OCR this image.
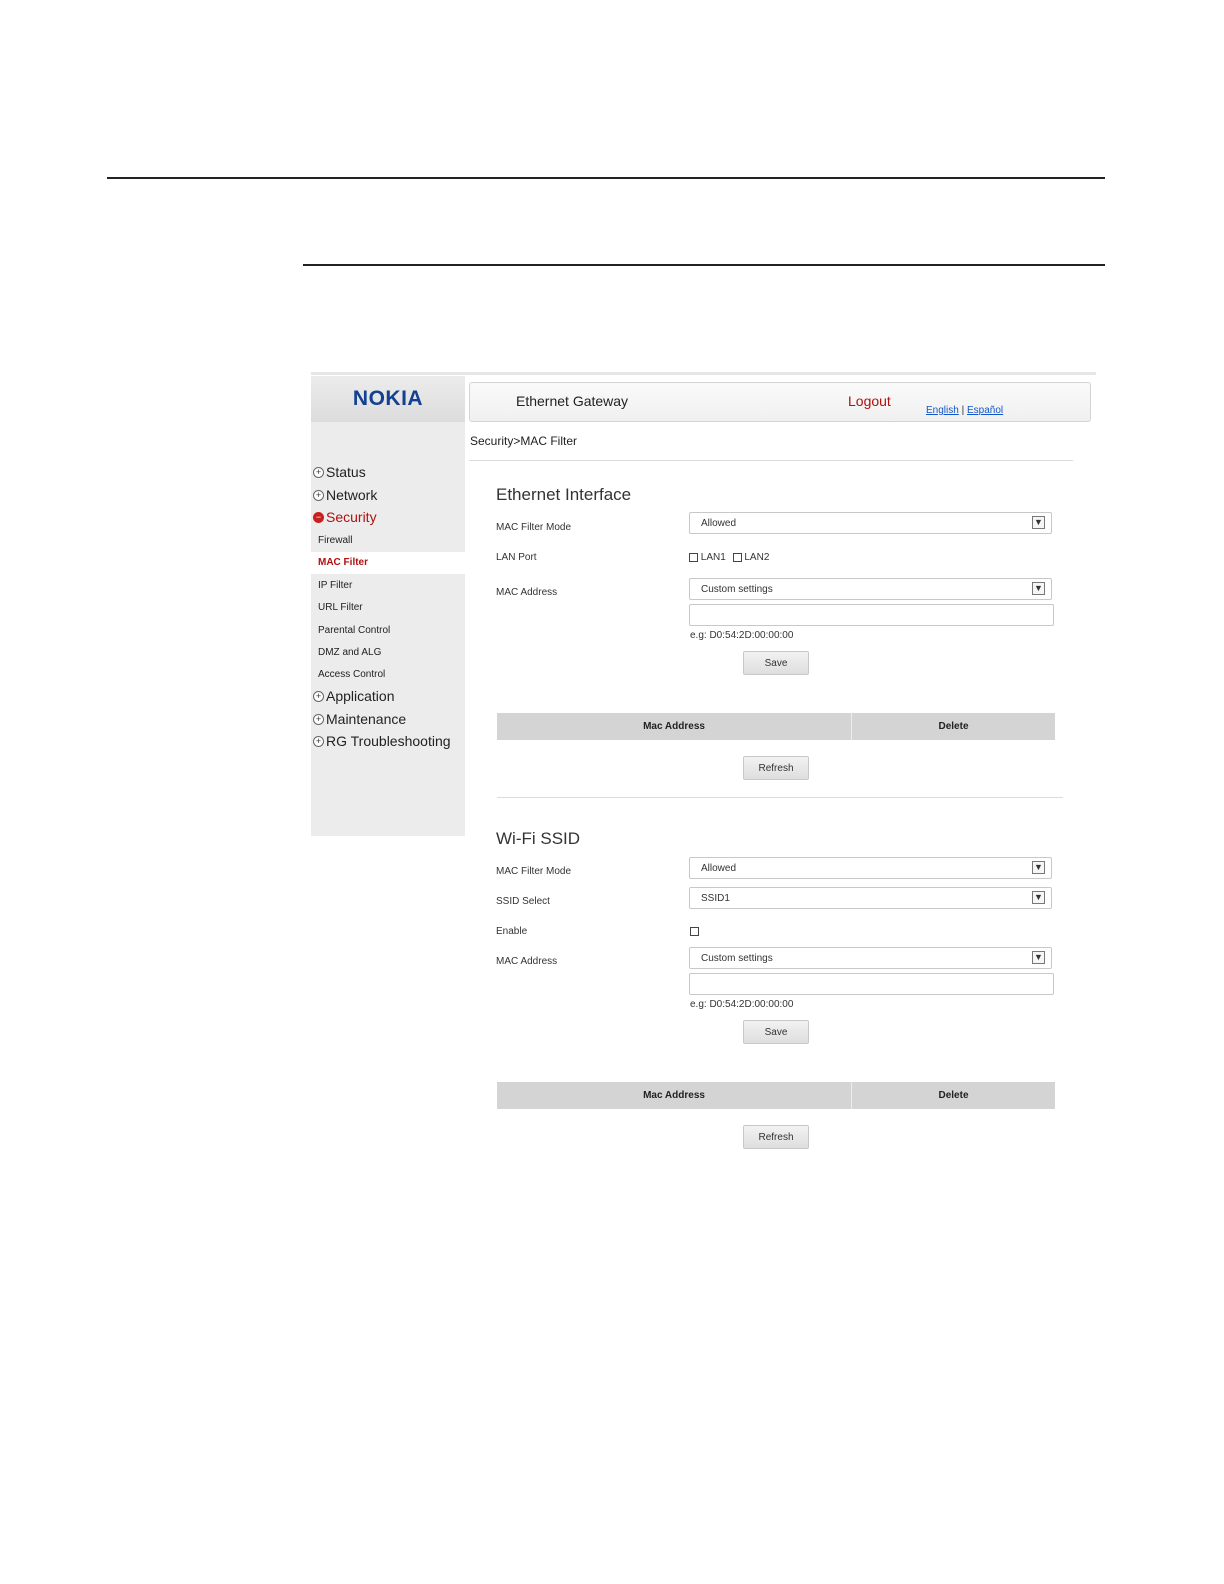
NOKIA	Ethernet Gateway	Logout
English | Español
+ Status
+ Network
− Security
Firewall
MAC Filter
IP Filter
URL Filter
Parental Control
DMZ and ALG
Access Control
+ Application
+ Maintenance
+ RG Troubleshooting
Security>MAC Filter
Ethernet Interface
MAC Filter Mode	Allowed	▼
LAN Port	LAN1 LAN2
MAC Address	Custom settings	▼
e.g: D0:54:2D:00:00:00
Save
Mac Address	Delete
Refresh
Wi-Fi SSID
MAC Filter Mode	Allowed	▼
SSID Select	SSID1	▼
Enable
MAC Address	Custom settings	▼
e.g: D0:54:2D:00:00:00
Save
Mac Address	Delete
Refresh
